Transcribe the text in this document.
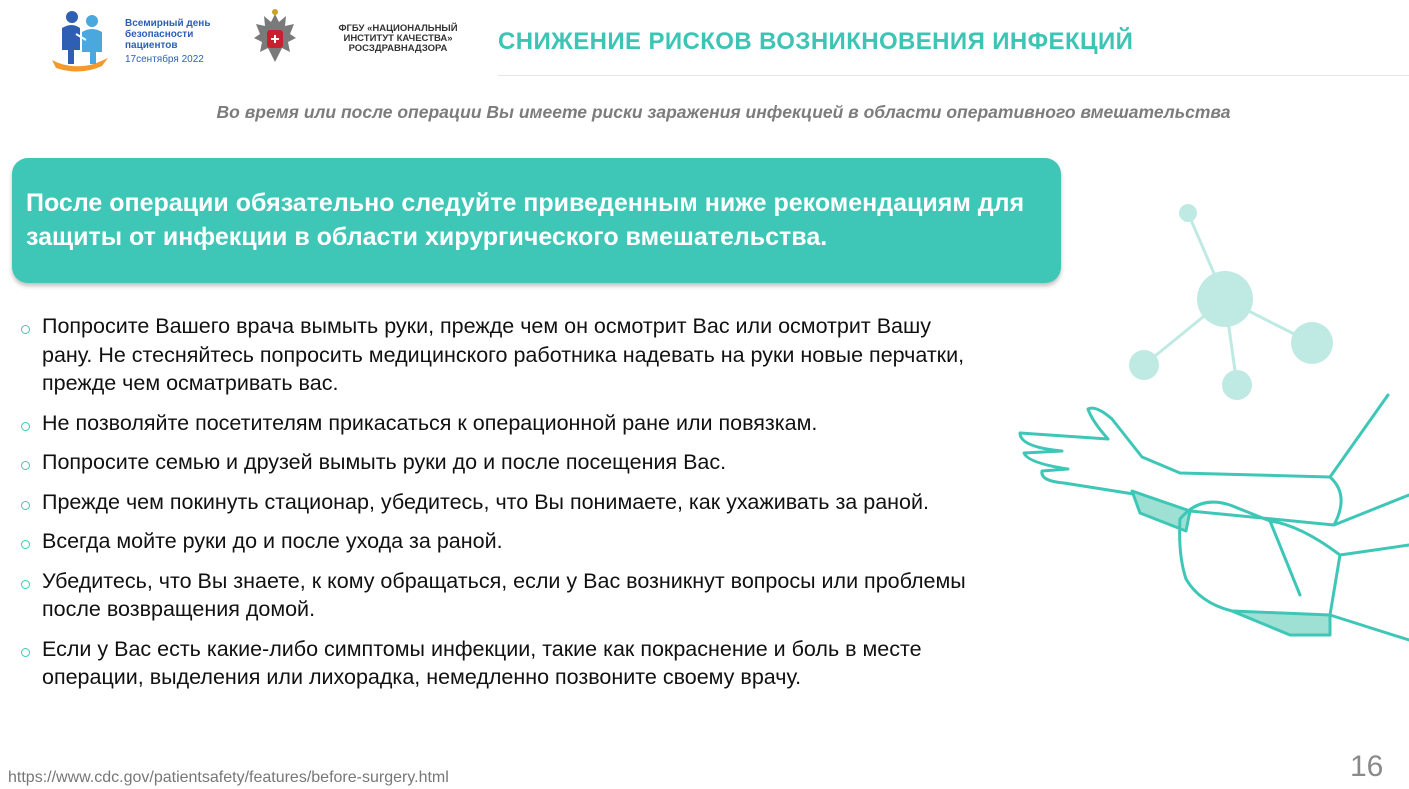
Всемирный день
безопасности
пациентов
17сентября 2022
ФГБУ «НАЦИОНАЛЬНЫЙ
ИНСТИТУТ КАЧЕСТВА»
РОСЗДРАВНАДЗОРА	СНИЖЕНИЕ РИСКОВ ВОЗНИКНОВЕНИЯ ИНФЕКЦИЙ
Во время или после операции Вы имеете риски заражения инфекцией в области оперативного вмешательства
После операции обязательно следуйте приведенным ниже рекомендациям для защиты от инфекции в области хирургического вмешательства.
Попросите Вашего врача вымыть руки, прежде чем он осмотрит Вас или осмотрит Вашу рану. Не стесняйтесь попросить медицинского работника надевать на руки новые перчатки, прежде чем осматривать вас.
Не позволяйте посетителям прикасаться к операционной ране или повязкам.
Попросите семью и друзей вымыть руки до и после посещения Вас.
Прежде чем покинуть стационар, убедитесь, что Вы понимаете, как ухаживать за раной.
Всегда мойте руки до и после ухода за раной.
Убедитесь, что Вы знаете, к кому обращаться, если у Вас возникнут вопросы или проблемы после возвращения домой.
Если у Вас есть какие-либо симптомы инфекции, такие как покраснение и боль в месте операции, выделения или лихорадка, немедленно позвоните своему врачу.
https://www.cdc.gov/patientsafety/features/before-surgery.html	16
